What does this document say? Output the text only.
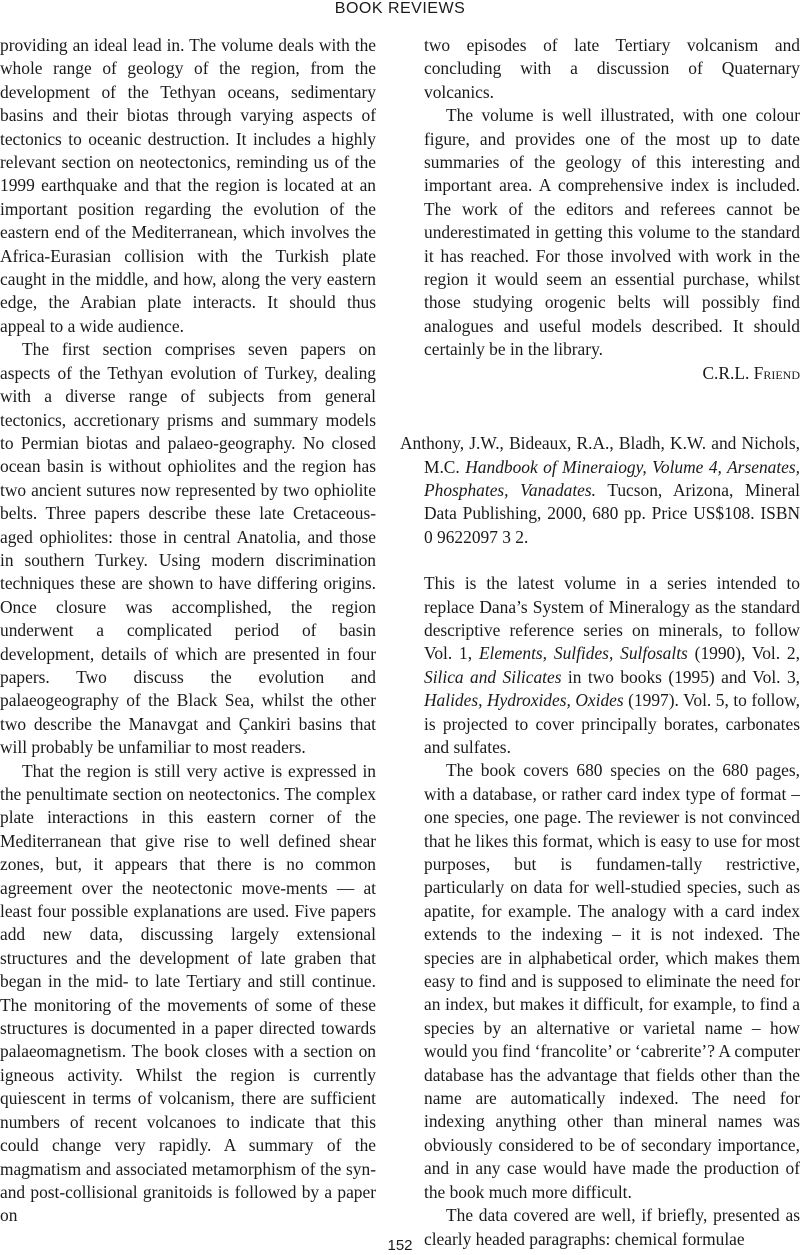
BOOK REVIEWS

providing an ideal lead in. The volume deals with the whole range of geology of the region, from the development of the Tethyan oceans, sedimentary basins and their biotas through varying aspects of tectonics to oceanic destruction. It includes a highly relevant section on neotectonics, reminding us of the 1999 earthquake and that the region is located at an important position regarding the evolution of the eastern end of the Mediterranean, which involves the Africa-Eurasian collision with the Turkish plate caught in the middle, and how, along the very eastern edge, the Arabian plate interacts. It should thus appeal to a wide audience.

The first section comprises seven papers on aspects of the Tethyan evolution of Turkey, dealing with a diverse range of subjects from general tectonics, accretionary prisms and summary models to Permian biotas and palaeo-geography. No closed ocean basin is without ophiolites and the region has two ancient sutures now represented by two ophiolite belts. Three papers describe these late Cretaceous-aged ophiolites: those in central Anatolia, and those in southern Turkey. Using modern discrimination techniques these are shown to have differing origins. Once closure was accomplished, the region underwent a complicated period of basin development, details of which are presented in four papers. Two discuss the evolution and palaeogeography of the Black Sea, whilst the other two describe the Manavgat and Çankiri basins that will probably be unfamiliar to most readers.

That the region is still very active is expressed in the penultimate section on neotectonics. The complex plate interactions in this eastern corner of the Mediterranean that give rise to well defined shear zones, but, it appears that there is no common agreement over the neotectonic move-ments — at least four possible explanations are used. Five papers add new data, discussing largely extensional structures and the development of late graben that began in the mid- to late Tertiary and still continue. The monitoring of the movements of some of these structures is documented in a paper directed towards palaeomagnetism. The book closes with a section on igneous activity. Whilst the region is currently quiescent in terms of volcanism, there are sufficient numbers of recent volcanoes to indicate that this could change very rapidly. A summary of the magmatism and associated metamorphism of the syn- and post-collisional granitoids is followed by a paper on

two episodes of late Tertiary volcanism and concluding with a discussion of Quaternary volcanics.

The volume is well illustrated, with one colour figure, and provides one of the most up to date summaries of the geology of this interesting and important area. A comprehensive index is included. The work of the editors and referees cannot be underestimated in getting this volume to the standard it has reached. For those involved with work in the region it would seem an essential purchase, whilst those studying orogenic belts will possibly find analogues and useful models described. It should certainly be in the library.

C.R.L. Friend

Anthony, J.W., Bideaux, R.A., Bladh, K.W. and Nichols, M.C. Handbook of Mineraiogy, Volume 4, Arsenates, Phosphates, Vanadates. Tucson, Arizona, Mineral Data Publishing, 2000, 680 pp. Price US$108. ISBN 0 9622097 3 2.

This is the latest volume in a series intended to replace Dana’s System of Mineralogy as the standard descriptive reference series on minerals, to follow Vol. 1, Elements, Sulfides, Sulfosalts (1990), Vol. 2, Silica and Silicates in two books (1995) and Vol. 3, Halides, Hydroxides, Oxides (1997). Vol. 5, to follow, is projected to cover principally borates, carbonates and sulfates.

The book covers 680 species on the 680 pages, with a database, or rather card index type of format – one species, one page. The reviewer is not convinced that he likes this format, which is easy to use for most purposes, but is fundamen-tally restrictive, particularly on data for well-studied species, such as apatite, for example. The analogy with a card index extends to the indexing – it is not indexed. The species are in alphabetical order, which makes them easy to find and is supposed to eliminate the need for an index, but makes it difficult, for example, to find a species by an alternative or varietal name – how would you find ‘francolite’ or ‘cabrerite’? A computer database has the advantage that fields other than the name are automatically indexed. The need for indexing anything other than mineral names was obviously considered to be of secondary importance, and in any case would have made the production of the book much more difficult.

The data covered are well, if briefly, presented as clearly headed paragraphs: chemical formulae

152
